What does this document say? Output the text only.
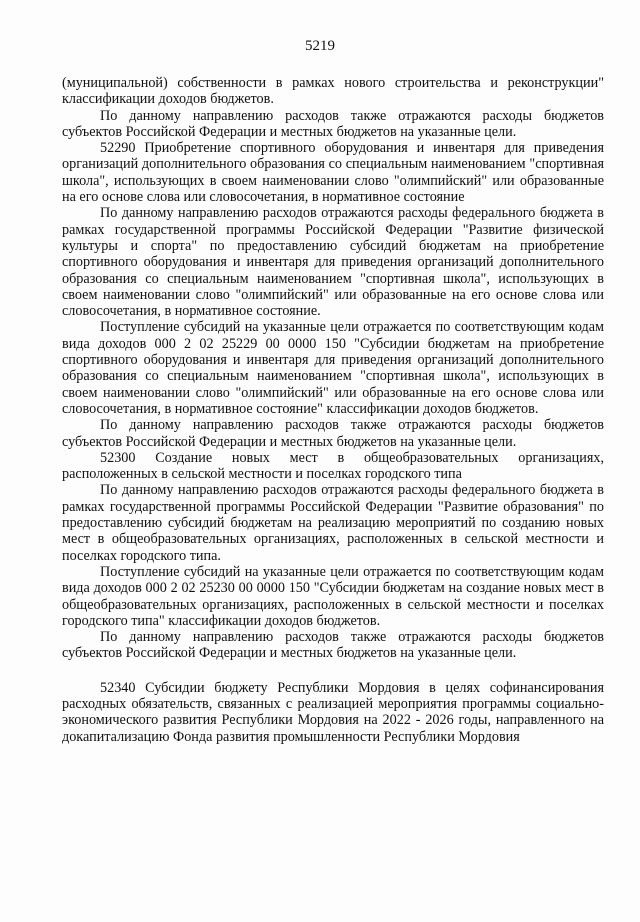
5219

(муниципальной) собственности в рамках нового строительства и реконструкции" классификации доходов бюджетов.

По данному направлению расходов также отражаются расходы бюджетов субъектов Российской Федерации и местных бюджетов на указанные цели.

52290 Приобретение спортивного оборудования и инвентаря для приведения организаций дополнительного образования со специальным наименованием "спортивная школа", использующих в своем наименовании слово "олимпийский" или образованные на его основе слова или словосочетания, в нормативное состояние

По данному направлению расходов отражаются расходы федерального бюджета в рамках государственной программы Российской Федерации "Развитие физической культуры и спорта" по предоставлению субсидий бюджетам на приобретение спортивного оборудования и инвентаря для приведения организаций дополнительного образования со специальным наименованием "спортивная школа", использующих в своем наименовании слово "олимпийский" или образованные на его основе слова или словосочетания, в нормативное состояние.

Поступление субсидий на указанные цели отражается по соответствующим кодам вида доходов 000 2 02 25229 00 0000 150 "Субсидии бюджетам на приобретение спортивного оборудования и инвентаря для приведения организаций дополнительного образования со специальным наименованием "спортивная школа", использующих в своем наименовании слово "олимпийский" или образованные на его основе слова или словосочетания, в нормативное состояние" классификации доходов бюджетов.

По данному направлению расходов также отражаются расходы бюджетов субъектов Российской Федерации и местных бюджетов на указанные цели.

52300 Создание новых мест в общеобразовательных организациях, расположенных в сельской местности и поселках городского типа

По данному направлению расходов отражаются расходы федерального бюджета в рамках государственной программы Российской Федерации "Развитие образования" по предоставлению субсидий бюджетам на реализацию мероприятий по созданию новых мест в общеобразовательных организациях, расположенных в сельской местности и поселках городского типа.

Поступление субсидий на указанные цели отражается по соответствующим кодам вида доходов 000 2 02 25230 00 0000 150 "Субсидии бюджетам на создание новых мест в общеобразовательных организациях, расположенных в сельской местности и поселках городского типа" классификации доходов бюджетов.

По данному направлению расходов также отражаются расходы бюджетов субъектов Российской Федерации и местных бюджетов на указанные цели.

52340 Субсидии бюджету Республики Мордовия в целях софинансирования расходных обязательств, связанных с реализацией мероприятия программы социально-экономического развития Республики Мордовия на 2022 - 2026 годы, направленного на докапитализацию Фонда развития промышленности Республики Мордовия
